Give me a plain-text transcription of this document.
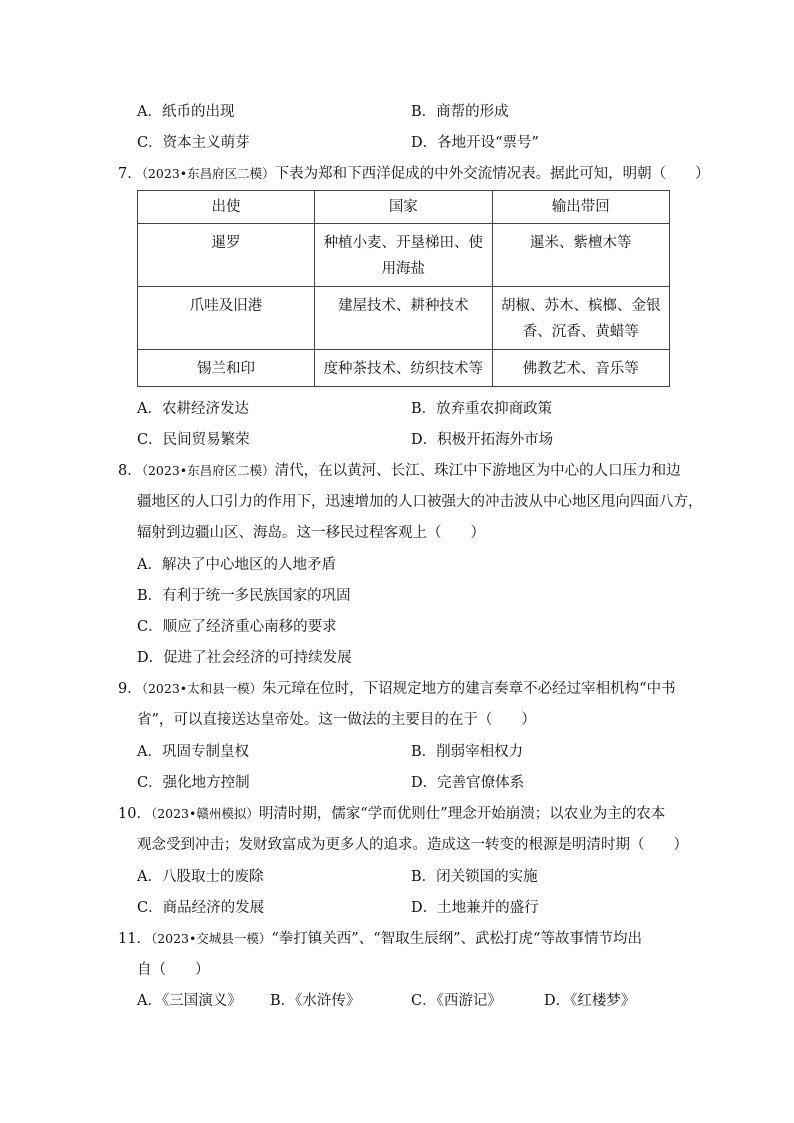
A．纸币的出现	B．商帮的形成
C．资本主义萌芽	D．各地开设“票号”
7．（2023•东昌府区二模）下表为郑和下西洋促成的中外交流情况表。据此可知，明朝（　　）
出使	国家	输出带回
暹罗	种植小麦、开垦梯田、使用海盐	暹米、紫檀木等
爪哇及旧港	建屋技术、耕种技术	胡椒、苏木、槟榔、金银香、沉香、黄蜡等
锡兰和印	度种茶技术、纺织技术等	佛教艺术、音乐等
A．农耕经济发达	B．放弃重农抑商政策
C．民间贸易繁荣	D．积极开拓海外市场
8．（2023•东昌府区二模）清代，在以黄河、长江、珠江中下游地区为中心的人口压力和边
疆地区的人口引力的作用下，迅速增加的人口被强大的冲击波从中心地区甩向四面八方，
辐射到边疆山区、海岛。这一移民过程客观上（　　）
A．解决了中心地区的人地矛盾
B．有利于统一多民族国家的巩固
C．顺应了经济重心南移的要求
D．促进了社会经济的可持续发展
9．（2023•太和县一模）朱元璋在位时，下诏规定地方的建言奏章不必经过宰相机构“中书
省”，可以直接送达皇帝处。这一做法的主要目的在于（　　）
A．巩固专制皇权	B．削弱宰相权力
C．强化地方控制	D．完善官僚体系
10．（2023•赣州模拟）明清时期，儒家“学而优则仕”理念开始崩溃；以农业为主的农本
观念受到冲击；发财致富成为更多人的追求。造成这一转变的根源是明清时期（　　）
A．八股取士的废除	B．闭关锁国的实施
C．商品经济的发展	D．土地兼并的盛行
11．（2023•交城县一模）“拳打镇关西”、“智取生辰纲”、武松打虎“等故事情节均出
自（　　）
A．《三国演义》 B．《水浒传》	C．《西游记》	D．《红楼梦》
